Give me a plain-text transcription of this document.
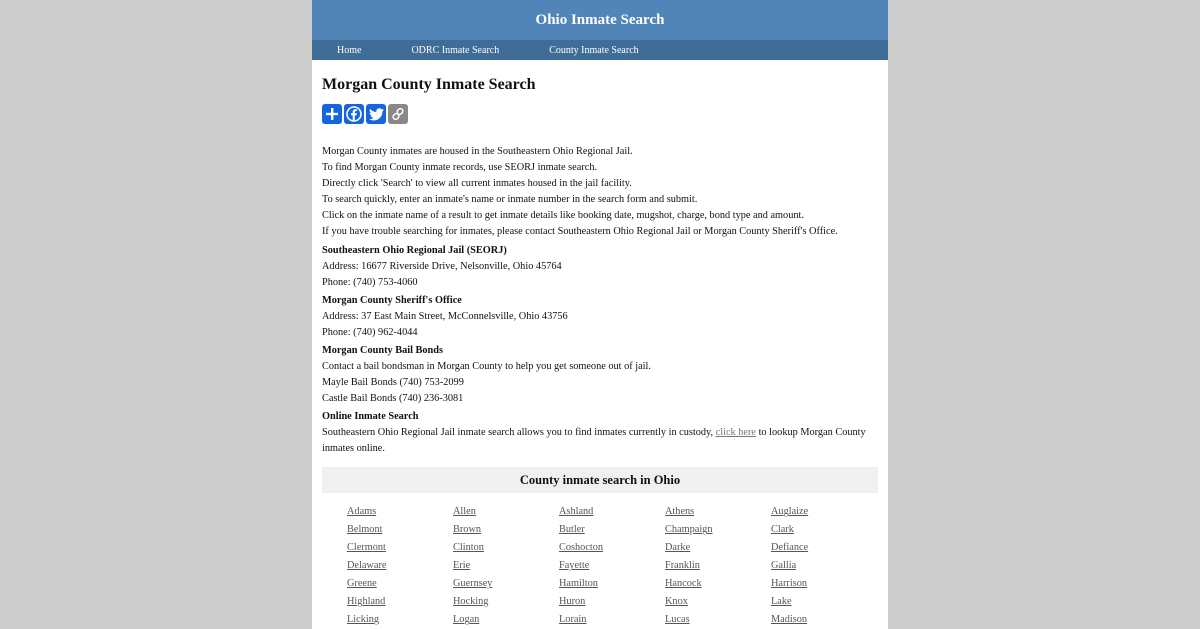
Ohio Inmate Search
Home	ODRC Inmate Search	County Inmate Search
Morgan County Inmate Search

Morgan County inmates are housed in the Southeastern Ohio Regional Jail.

To find Morgan County inmate records, use SEORJ inmate search.

Directly click 'Search' to view all current inmates housed in the jail facility.

To search quickly, enter an inmate's name or inmate number in the search form and submit.

Click on the inmate name of a result to get inmate details like booking date, mugshot, charge, bond type and amount.

If you have trouble searching for inmates, please contact Southeastern Ohio Regional Jail or Morgan County Sheriff's Office.

Southeastern Ohio Regional Jail (SEORJ)

Address: 16677 Riverside Drive, Nelsonville, Ohio 45764

Phone: (740) 753-4060

Morgan County Sheriff's Office

Address: 37 East Main Street, McConnelsville, Ohio 43756

Phone: (740) 962-4044

Morgan County Bail Bonds

Contact a bail bondsman in Morgan County to help you get someone out of jail.

Mayle Bail Bonds (740) 753-2099

Castle Bail Bonds (740) 236-3081

Online Inmate Search

Southeastern Ohio Regional Jail inmate search allows you to find inmates currently in custody, click here to lookup Morgan County inmates online.

County inmate search in Ohio
Adams	Allen	Ashland	Athens	Auglaize
Belmont	Brown	Butler	Champaign	Clark
Clermont	Clinton	Coshocton	Darke	Defiance
Delaware	Erie	Fayette	Franklin	Gallia
Greene	Guernsey	Hamilton	Hancock	Harrison
Highland	Hocking	Huron	Knox	Lake
Licking	Logan	Lorain	Lucas	Madison
